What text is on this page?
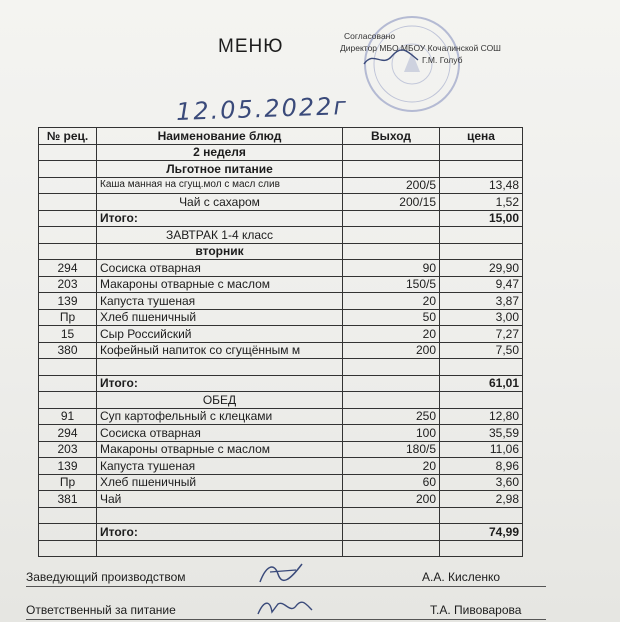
МЕНЮ	Согласовано
Директор МБО МБОУ Кочалинской СОШ
Г.М. Голуб
12.05.2022г
№ рец.	Наименование блюд	Выход	цена
	2 неделя		
	Льготное питание		
	Каша манная на сгущ.мол с масл слив	200/5	13,48
	Чай с сахаром	200/15	1,52
	Итого:		15,00
	ЗАВТРАК 1-4 класс		
	вторник		
294	Сосиска отварная	90	29,90
203	Макароны отварные с маслом	150/5	9,47
139	Капуста тушеная	20	3,87
Пр	Хлеб пшеничный	50	3,00
15	Сыр Российский	20	7,27
380	Кофейный напиток со сгущённым м	200	7,50

	Итого:		61,01
	ОБЕД		
91	Суп картофельный с клецками	250	12,80
294	Сосиска отварная	100	35,59
203	Макароны отварные с маслом	180/5	11,06
139	Капуста тушеная	20	8,96
Пр	Хлеб пшеничный	60	3,60
381	Чай	200	2,98

	Итого:		74,99

Заведующий производством	А.А. Кисленко
Ответственный за питание	Т.А. Пивоварова
